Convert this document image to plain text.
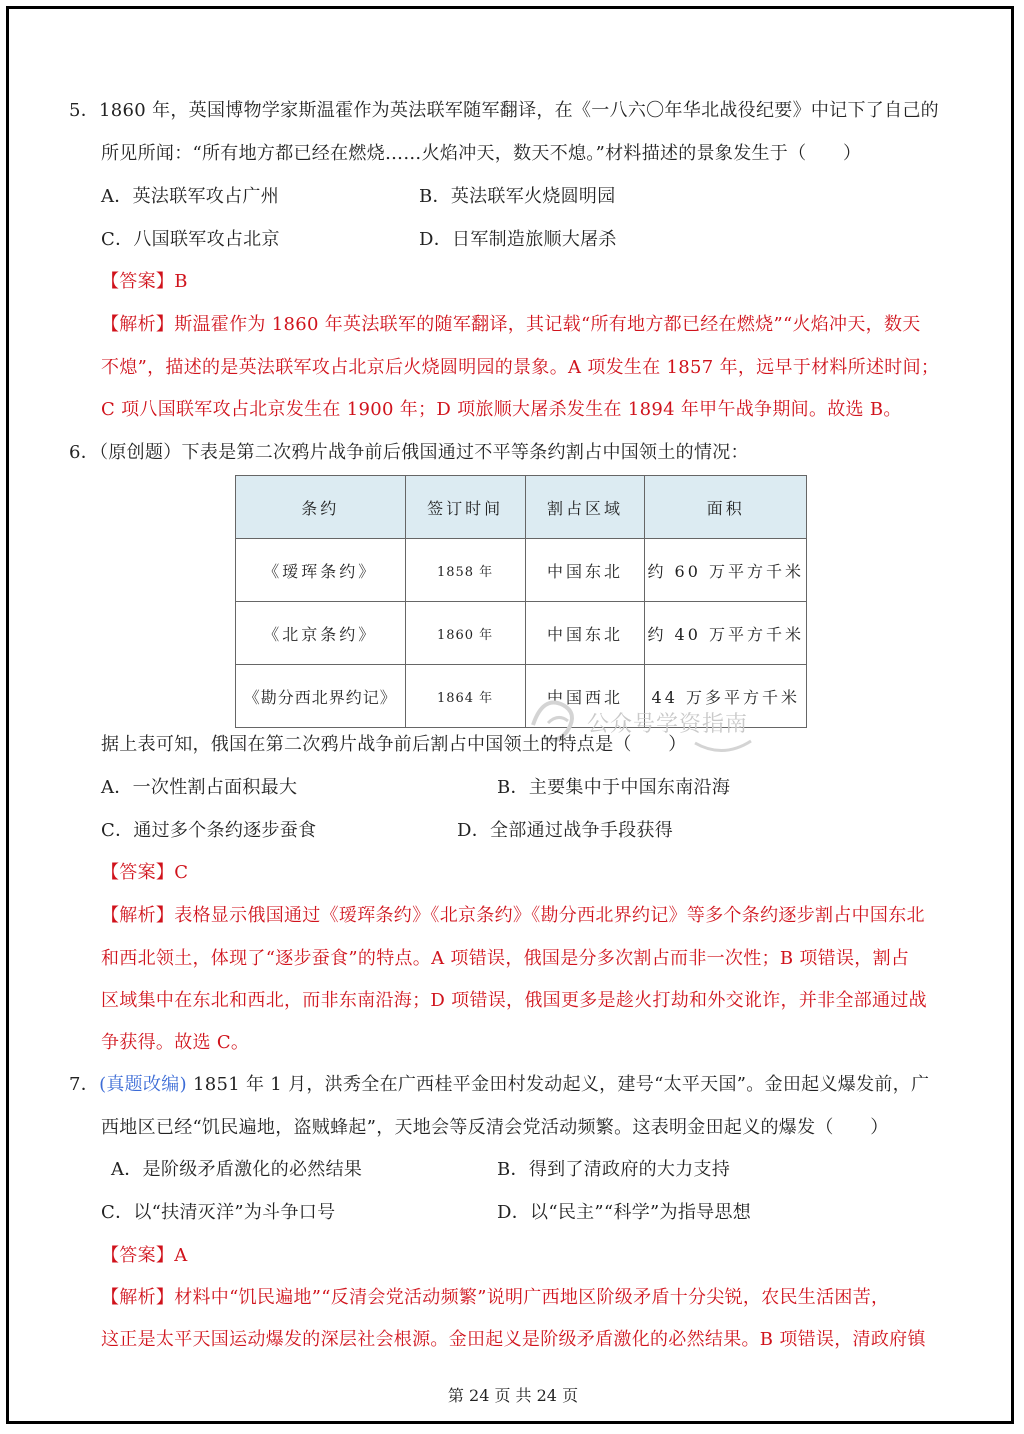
5．1860 年，英国博物学家斯温霍作为英法联军随军翻译，在《一八六〇年华北战役纪要》中记下了自己的
所见所闻：“所有地方都已经在燃烧……火焰冲天，数天不熄。”材料描述的景象发生于（　　）
A．英法联军攻占广州	B．英法联军火烧圆明园
C．八国联军攻占北京	D．日军制造旅顺大屠杀
【答案】B
【解析】斯温霍作为 1860 年英法联军的随军翻译，其记载“所有地方都已经在燃烧”“火焰冲天，数天
不熄”，描述的是英法联军攻占北京后火烧圆明园的景象。A 项发生在 1857 年，远早于材料所述时间；
C 项八国联军攻占北京发生在 1900 年；D 项旅顺大屠杀发生在 1894 年甲午战争期间。故选 B。
6．（原创题）下表是第二次鸦片战争前后俄国通过不平等条约割占中国领土的情况：
条约	签订时间	割占区域	面积
《瑷珲条约》	1858 年	中国东北	约 60 万平方千米
《北京条约》	1860 年	中国东北	约 40 万平方千米
《勘分西北界约记》	1864 年	中国西北	44 万多平方千米
公众号学资指南
据上表可知，俄国在第二次鸦片战争前后割占中国领土的特点是（　　）
A．一次性割占面积最大	B．主要集中于中国东南沿海
C．通过多个条约逐步蚕食	D．全部通过战争手段获得
【答案】C
【解析】表格显示俄国通过《瑷珲条约》《北京条约》《勘分西北界约记》等多个条约逐步割占中国东北
和西北领土，体现了“逐步蚕食”的特点。A 项错误，俄国是分多次割占而非一次性；B 项错误，割占
区域集中在东北和西北，而非东南沿海；D 项错误，俄国更多是趁火打劫和外交讹诈，并非全部通过战
争获得。故选 C。
7．(真题改编) 1851 年 1 月，洪秀全在广西桂平金田村发动起义，建号“太平天国”。金田起义爆发前，广
西地区已经“饥民遍地，盗贼蜂起”，天地会等反清会党活动频繁。这表明金田起义的爆发（　　）
A．是阶级矛盾激化的必然结果	B．得到了清政府的大力支持
C．以“扶清灭洋”为斗争口号	D．以“民主”“科学”为指导思想
【答案】A
【解析】材料中“饥民遍地”“反清会党活动频繁”说明广西地区阶级矛盾十分尖锐，农民生活困苦，
这正是太平天国运动爆发的深层社会根源。金田起义是阶级矛盾激化的必然结果。B 项错误，清政府镇
第 24 页 共 24 页
